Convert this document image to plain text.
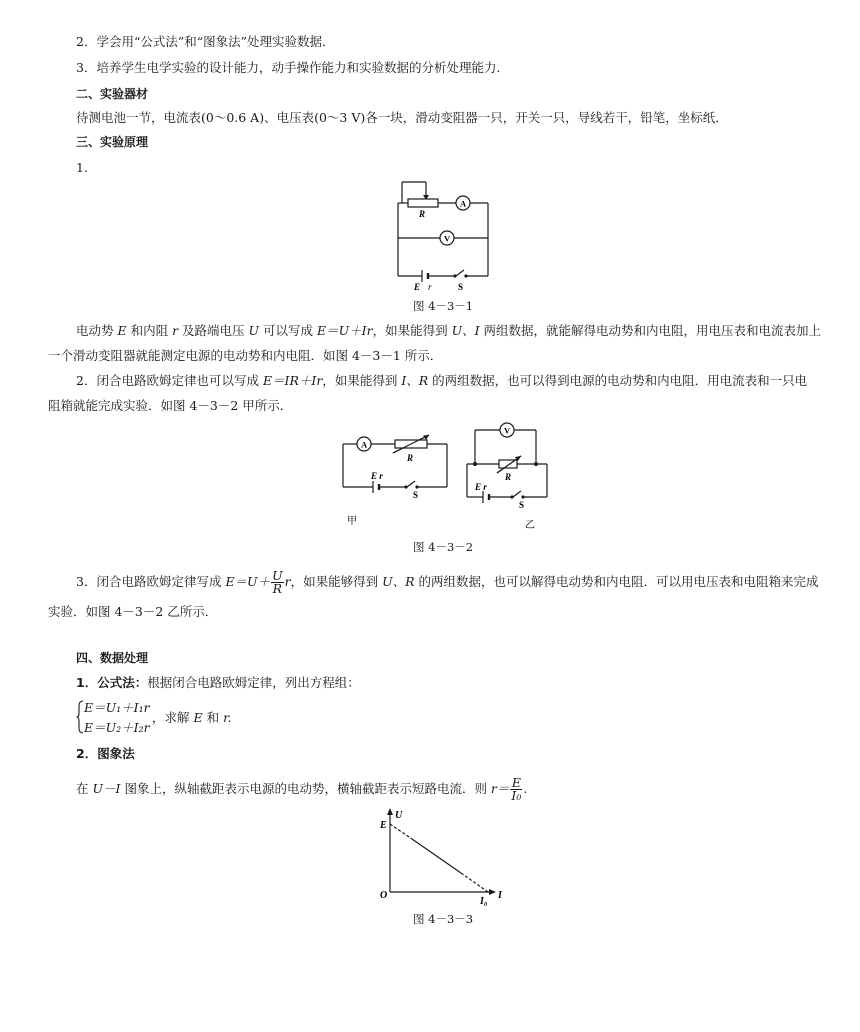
2．学会用“公式法”和“图象法”处理实验数据．
3．培养学生电学实验的设计能力，动手操作能力和实验数据的分析处理能力．
二、实验器材
待测电池一节，电流表(0～0.6 A)、电压表(0～3 V)各一块，滑动变阻器一只，开关一只，导线若干，铅笔，坐标纸．
三、实验原理
1.
R
A
V
E r	S
图 4－3－1
电动势 E 和内阻 r 及路端电压 U 可以写成 E＝U＋Ir，如果能得到 U、I 两组数据，就能解得电动势和内电阻，用电压表和电流表加上
一个滑动变阻器就能测定电源的电动势和内电阻．如图 4－3－1 所示．
2．闭合电路欧姆定律也可以写成 E＝IR＋Ir，如果能得到 I、R 的两组数据，也可以得到电源的电动势和内电阻．用电流表和一只电
阻箱就能完成实验．如图 4－3－2 甲所示．
A
R
E r
S
V
R
E r
S
甲	乙
图 4－3－2
3．闭合电路欧姆定律写成 $E=U+ \frac{U}{R}$ r，如果能够得到 U、R 的两组数据，也可以解得电动势和内电阻．可以用电压表和电阻箱来完成
实验．如图 4－3－2 乙所示．
四、数据处理
1．公式法：根据闭合电路欧姆定律，列出方程组：
E＝U₁＋I₁r
E＝U₂＋I₂r
，求解 E 和 r.
2．图象法
在 U－I 图象上，纵轴截距表示电源的电动势，横轴截距表示短路电流．则 $r= \frac{E}{\text{I₀}}$ .
U
E
O
I₀
I
图 4－3－3
